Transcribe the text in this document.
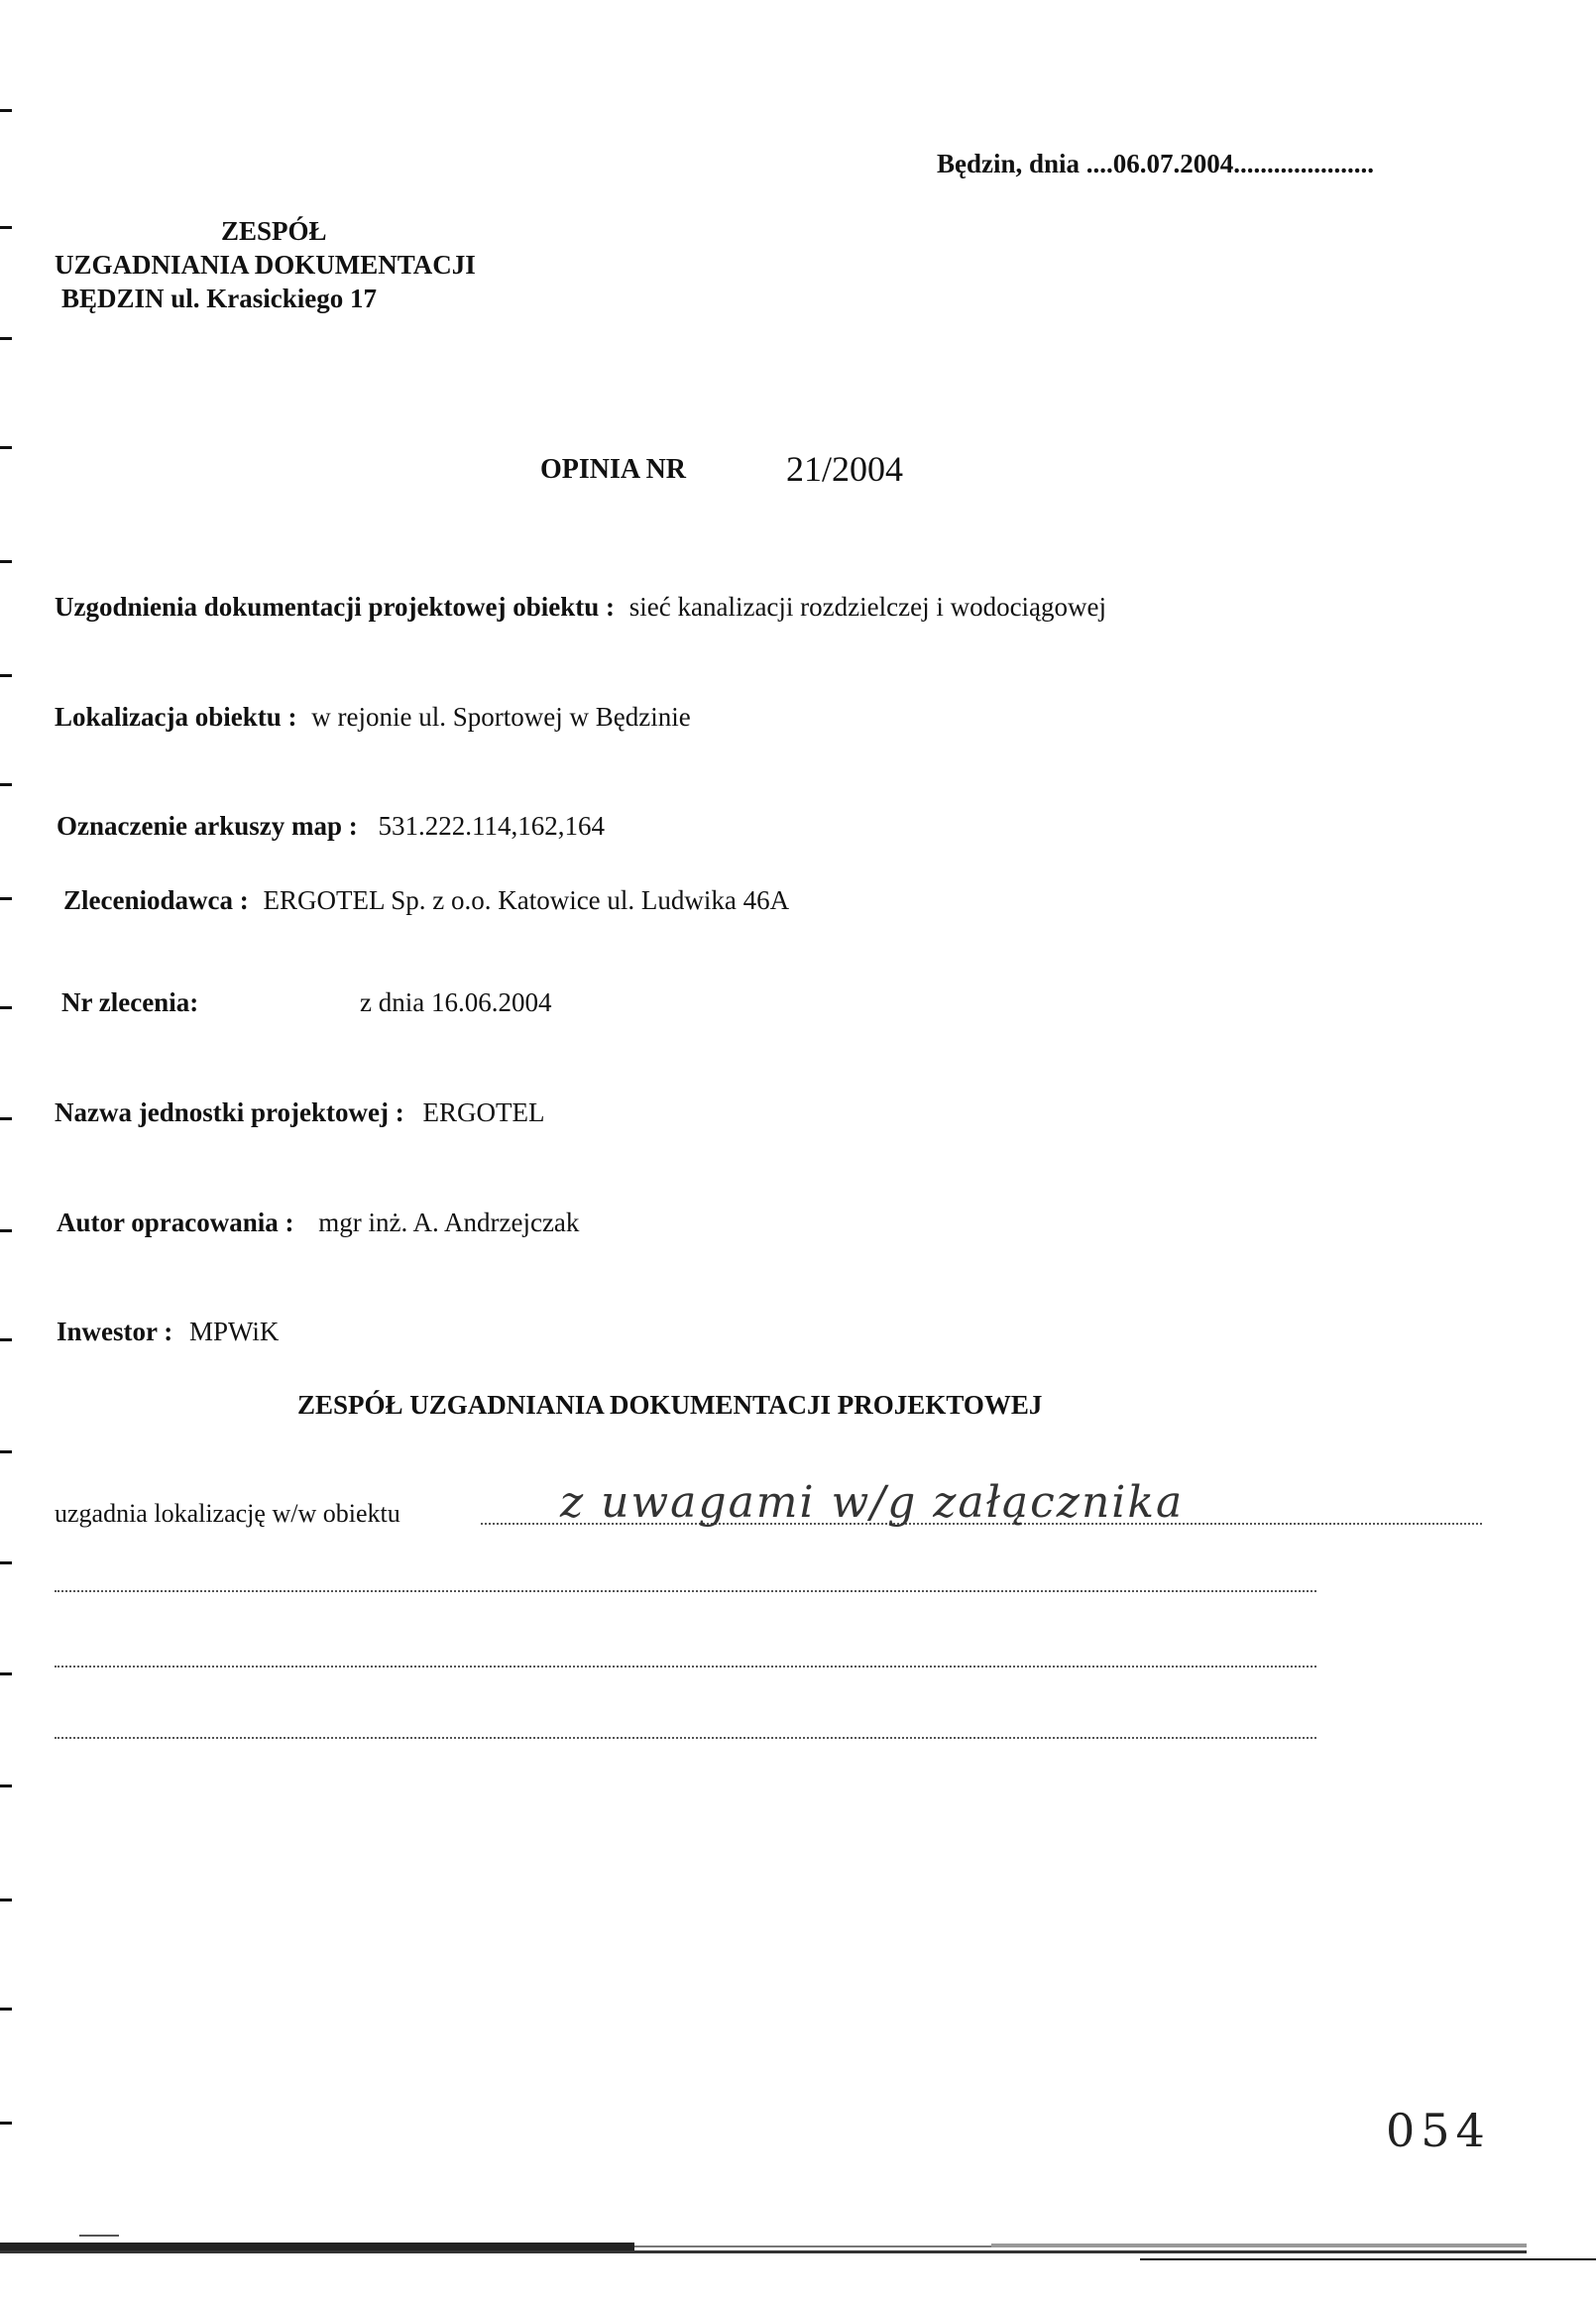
Będzin, dnia ....06.07.2004.....................
ZESPÓŁ
UZGADNIANIA DOKUMENTACJI
BĘDZIN ul. Krasickiego 17
OPINIA NR	21/2004
Uzgodnienia dokumentacji projektowej obiektu : sieć kanalizacji rozdzielczej i wodociągowej
Lokalizacja obiektu : w rejonie ul. Sportowej w Będzinie
Oznaczenie arkuszy map : 531.222.114,162,164
Zleceniodawca : ERGOTEL Sp. z o.o. Katowice ul. Ludwika 46A
Nr zlecenia:	z dnia 16.06.2004
Nazwa jednostki projektowej : ERGOTEL
Autor opracowania : mgr inż. A. Andrzejczak
Inwestor : MPWiK
ZESPÓŁ UZGADNIANIA DOKUMENTACJI PROJEKTOWEJ
uzgadnia lokalizację w/w obiektu	z uwagami w/g załącznika
054
